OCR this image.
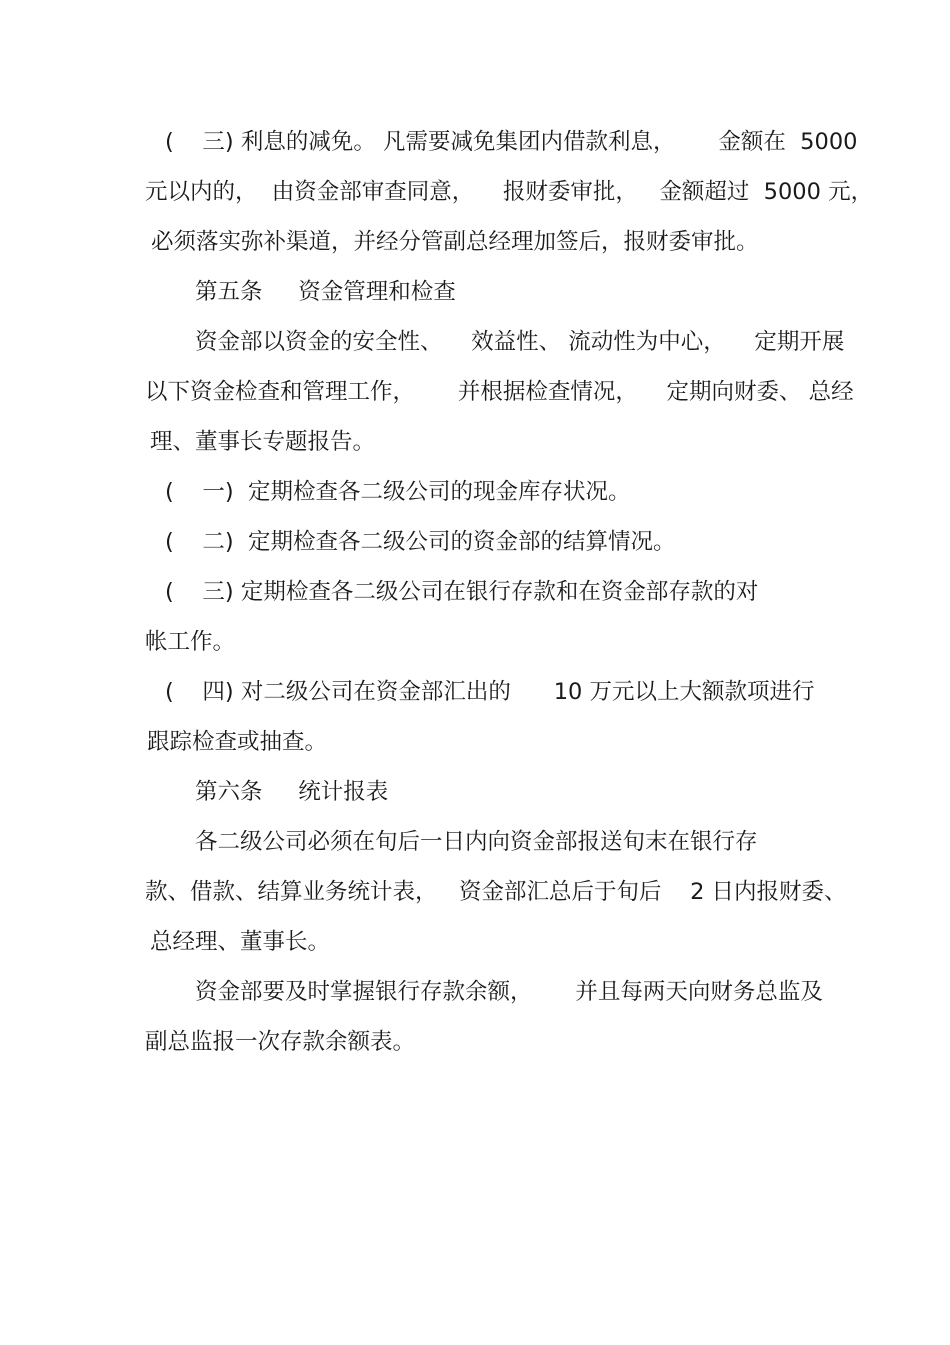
(    三) 利息的减免。 凡需要减免集团内借款利息，      金额在  5000
元以内的，  由资金部审查同意，    报财委审批，   金额超过  5000 元，
必须落实弥补渠道，并经分管副总经理加签后，报财委审批。
第五条     资金管理和检查
资金部以资金的安全性、    效益性、 流动性为中心，    定期开展
以下资金检查和管理工作，      并根据检查情况，    定期向财委、 总经
理、董事长专题报告。
(    一)  定期检查各二级公司的现金库存状况。
(    二)  定期检查各二级公司的资金部的结算情况。
(    三) 定期检查各二级公司在银行存款和在资金部存款的对
帐工作。
(    四) 对二级公司在资金部汇出的      10 万元以上大额款项进行
跟踪检查或抽查。
第六条     统计报表
各二级公司必须在旬后一日内向资金部报送旬末在银行存
款、借款、结算业务统计表，   资金部汇总后于旬后    2 日内报财委、
总经理、董事长。
资金部要及时掌握银行存款余额，      并且每两天向财务总监及
副总监报一次存款余额表。
